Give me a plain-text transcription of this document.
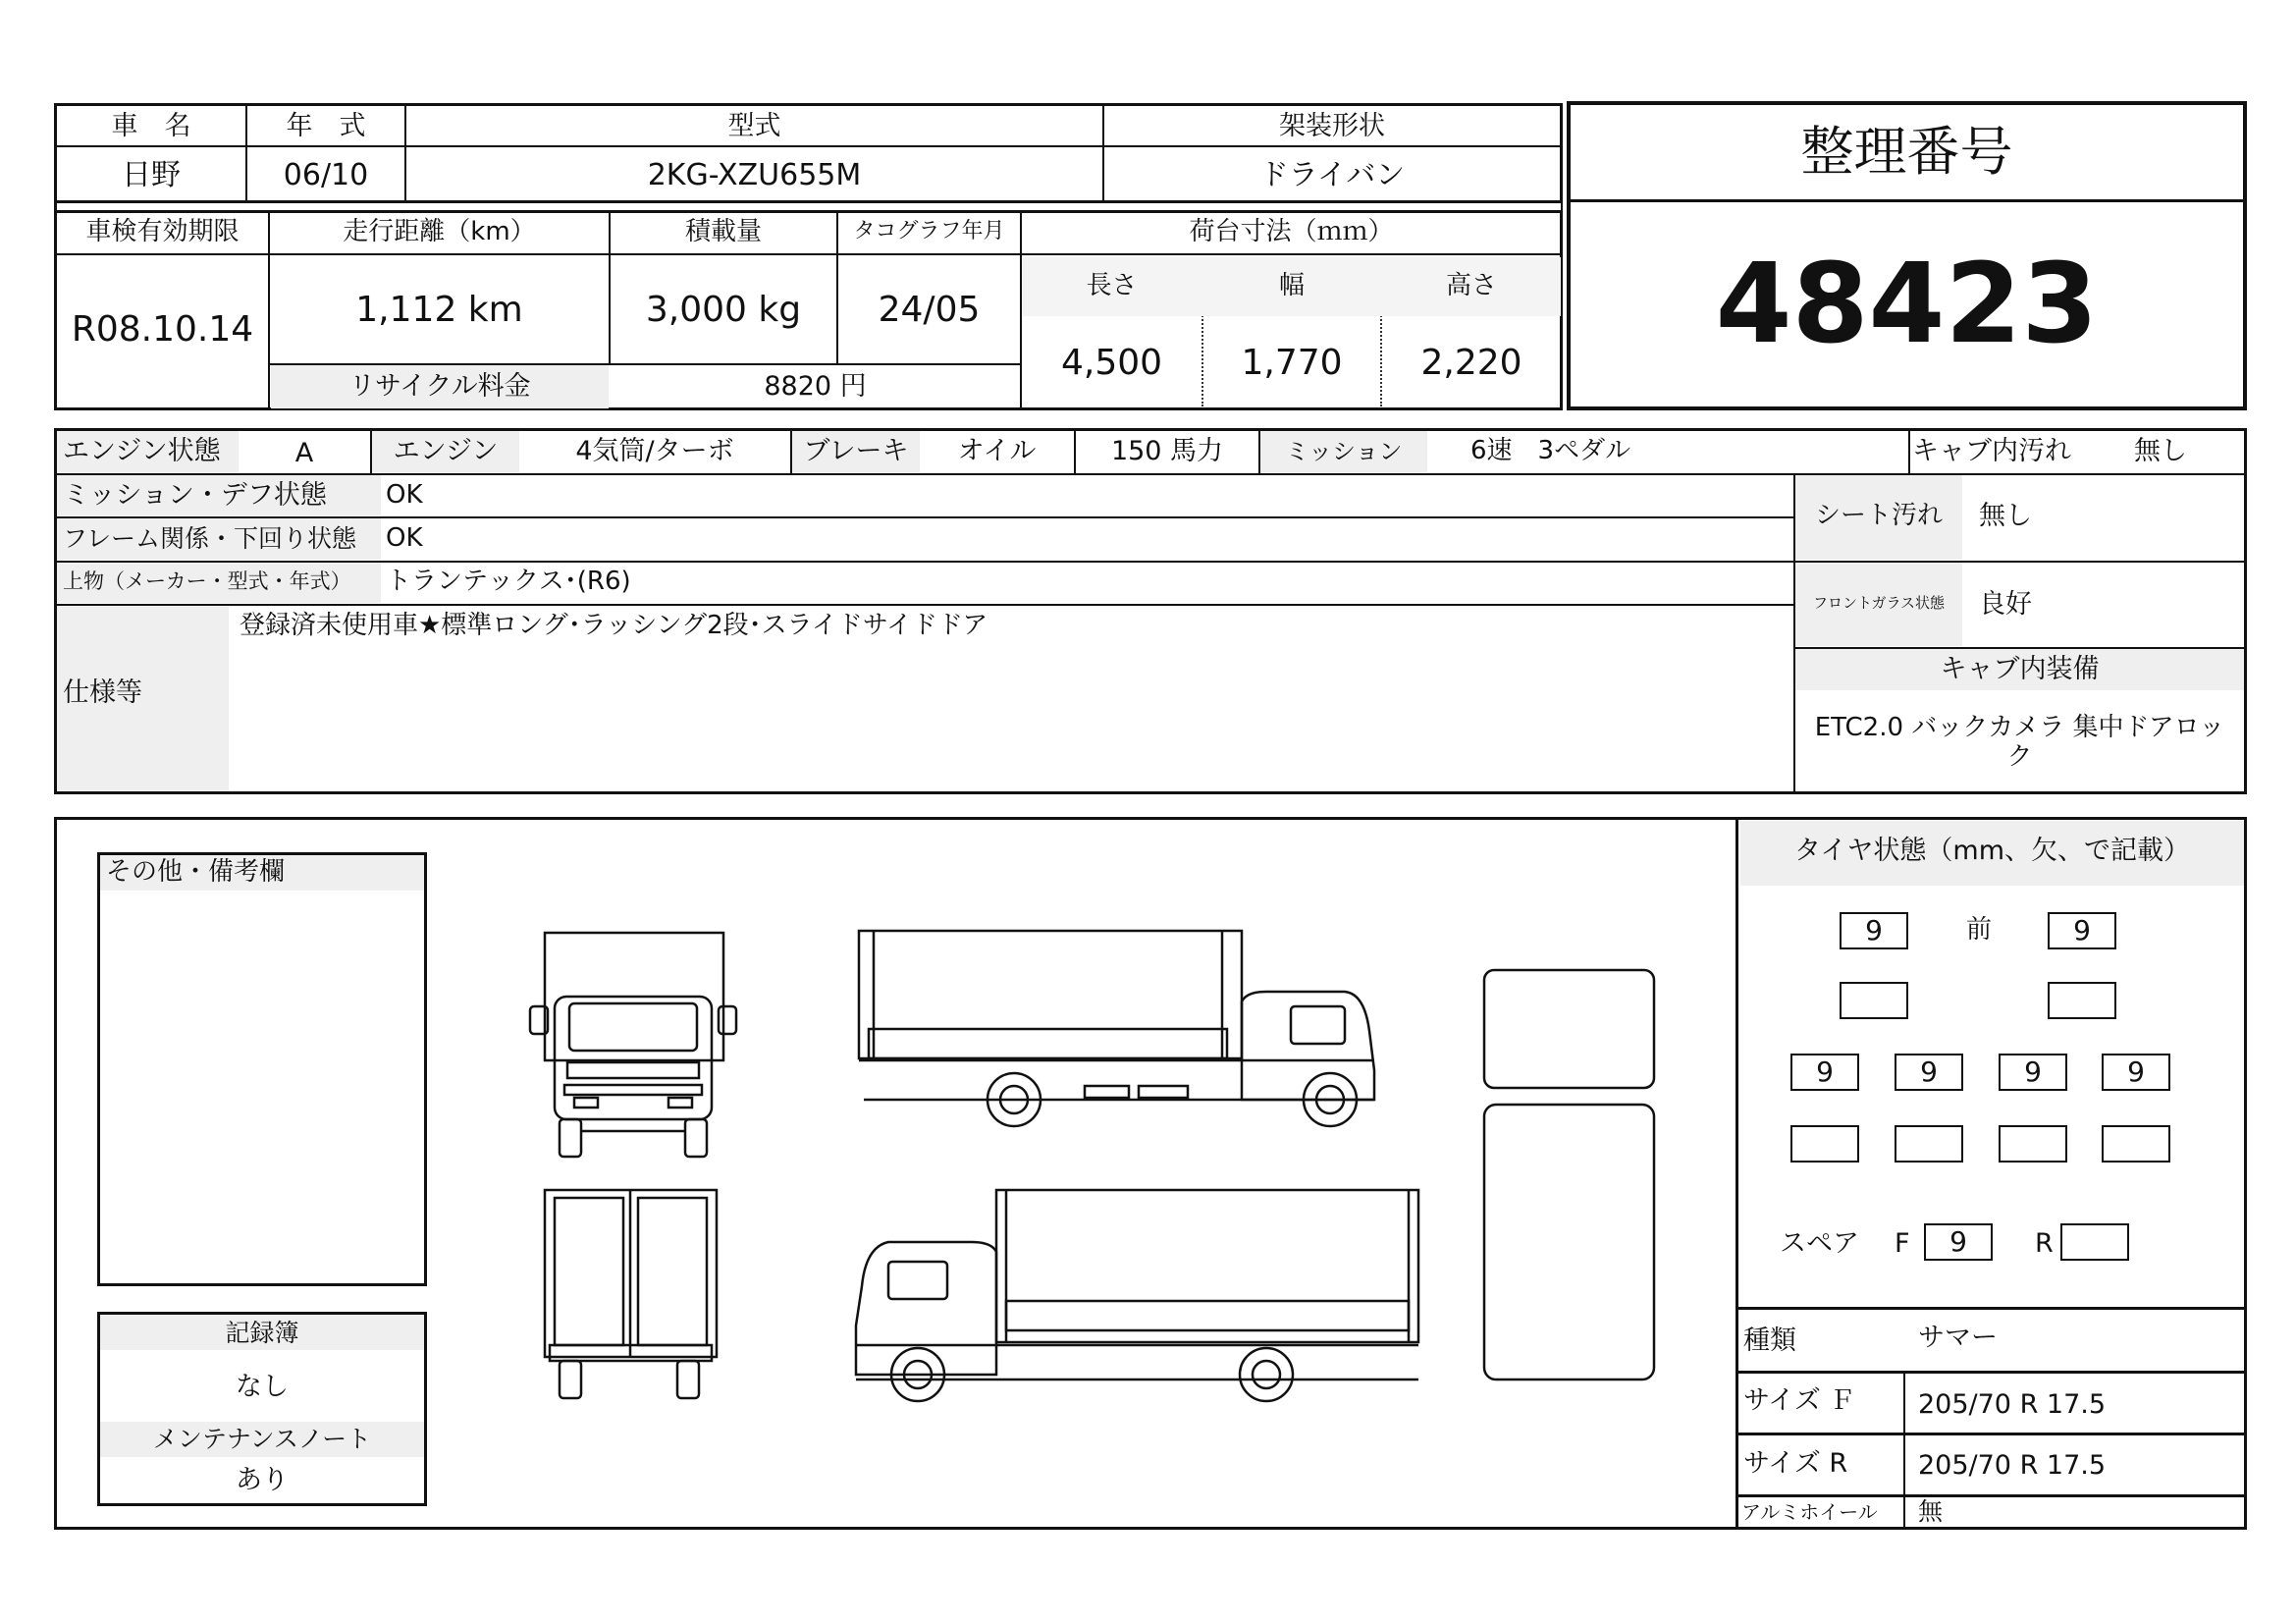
車　名	年　式	型式	架装形状
日野	06/10	2KG-XZU655M	ドライバン
車検有効期限	走行距離（km）	積載量	タコグラフ年月	荷台寸法（ｍｍ）
R08.10.14	1,112 km	3,000 kg	24/05
長さ	幅	高さ
4,500	1,770	2,220
リサイクル料金	8820 円
整理番号
48423
エンジン状態	A	エンジン	4気筒/ターボ	ブレーキ	オイル	150 馬力	ミッション	6速　3ペダル	キャブ内汚れ 無し
ミッション・デフ状態 OK
フレーム関係・下回り状態 OK
上物（メーカー・型式・年式） トランテックス･(R6)
仕様等
登録済未使用車★標準ロング･ラッシング2段･スライドサイドドア
シート汚れ	無し
フロントガラス状態	良好
キャブ内装備
ETC2.0 バックカメラ 集中ドアロッ
ク
その他・備考欄
記録簿
なし
メンテナンスノート
あり
タイヤ状態（mm、欠、で記載）
9	前	9
9	9	9	9
スペア F	9	R
種類	サマー
サイズ Ｆ 205/70 R 17.5
サイズ R	205/70 R 17.5
アルミホイール 無
